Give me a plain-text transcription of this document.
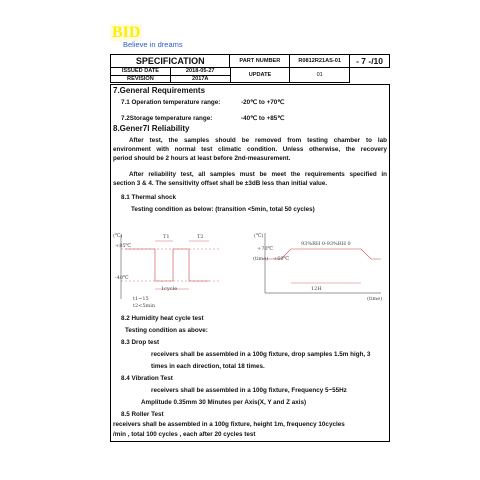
BID
Believe in dreams
SPECIFICATION	PART NUMBER	R0812R21AS-01	- 7 -/10
ISSUED DATE	2018-05-27	UPDATE	01
REVISION	2017A		
7.General Requirements
7.1 Operation temperature range:	-20℃ to +70℃
7.2Storage temperature range:	-40℃ to +85℃
8.Gener7l Reliability
After test, the samples should be removed from testing chamber to lab
environment with normal test climatic condition. Unless otherwise, the recovery
period should be 2 hours at least before 2nd-measurement.
After reliability test, all samples must be meet the requirements specified in
section 3 & 4. The sensitivity offset shall be ±3dB less than initial value.
8.1 Thermal shock
Testing condition as below: (transition <5min, total 50 cycles)
(℃)
+85℃
-40℃
T1	T2
1cycle
t1~15
t2<5min
(℃)
+70℃
(time) +60℃
93%RH 0-93%RH 0
12H
(time)
8.2 Humidity heat cycle test
Testing condition as above:
8.3 Drop test
receivers shall be assembled in a 100g fixture, drop samples 1.5m high, 3
times in each direction, total 18 times.
8.4 Vibration Test
receivers shall be assembled in a 100g fixture, Frequency 5~55Hz
Amplitude 0.35mm 30 Minutes per Axis(X, Y and Z axis)
8.5 Roller Test
receivers shall be assembled in a 100g fixture, height 1m, frequency 10cycles
/min , total 100 cycles , each after 20 cycles test
